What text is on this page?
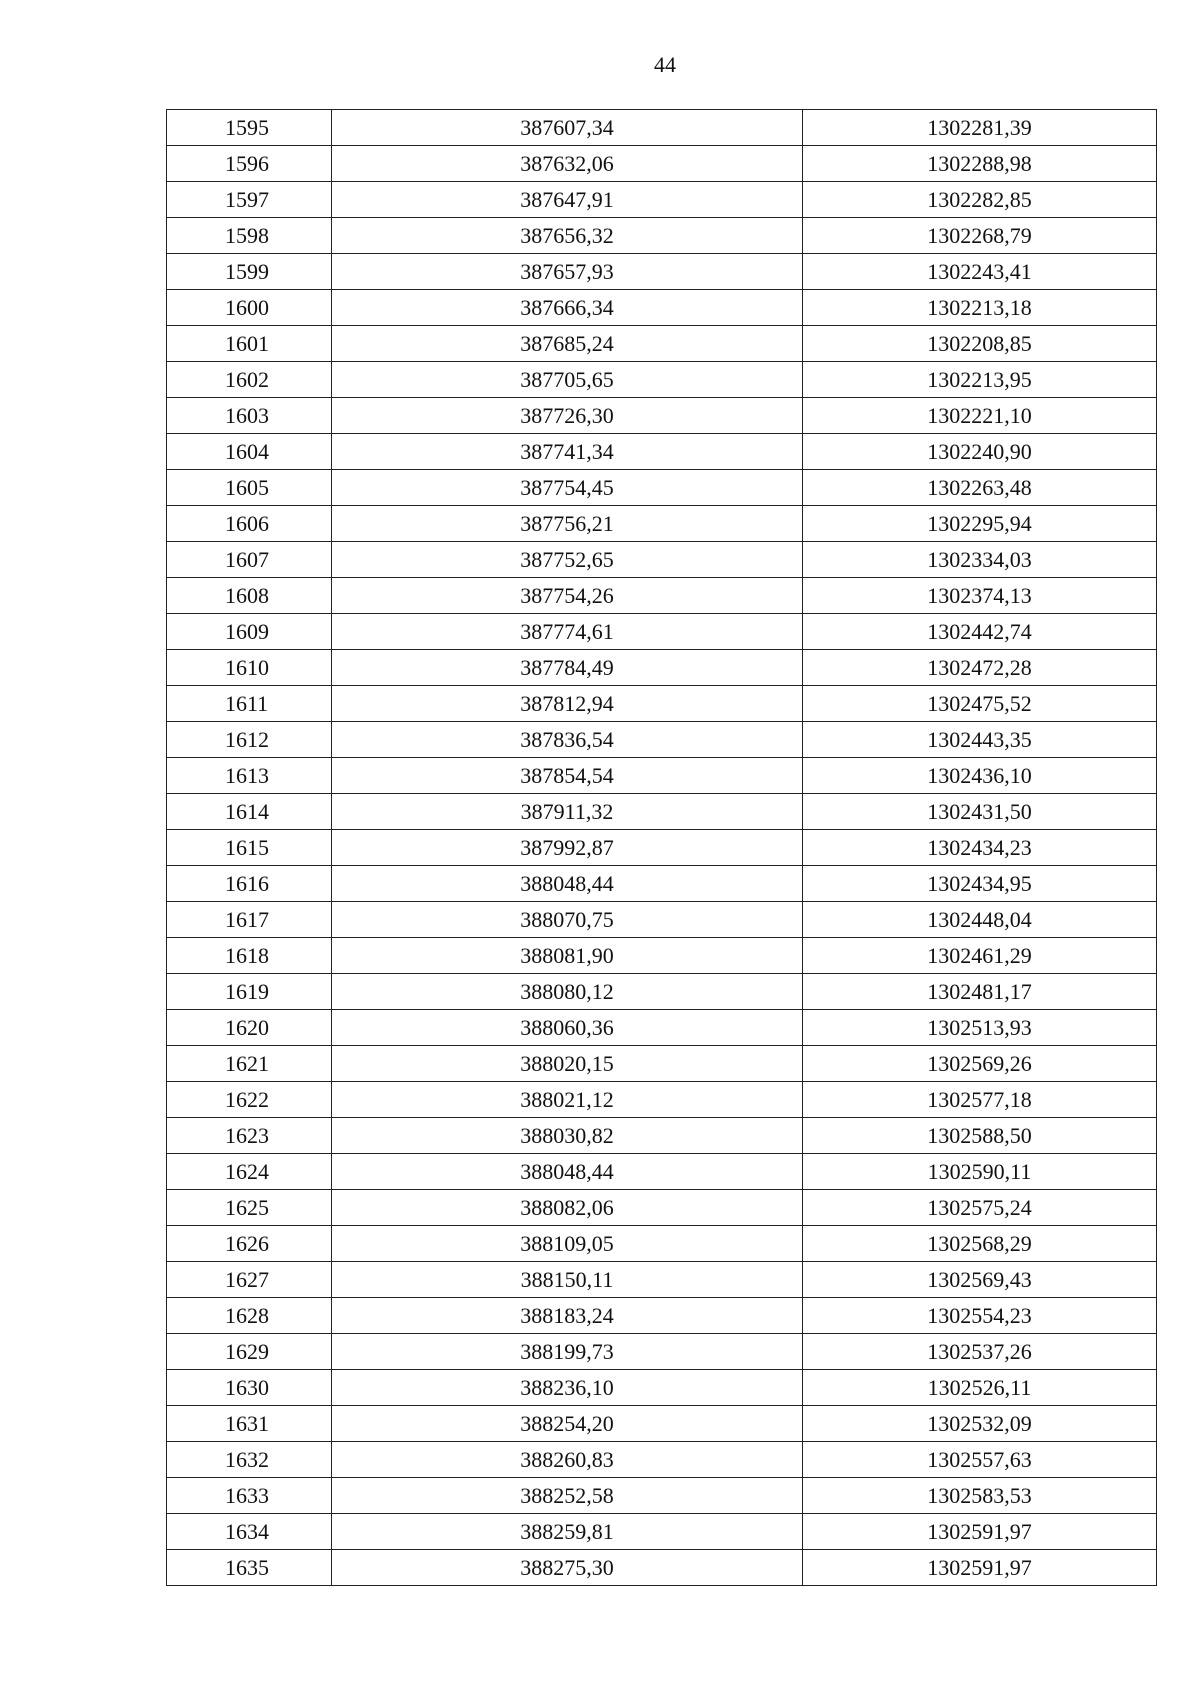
44
1595	387607,34	1302281,39
1596	387632,06	1302288,98
1597	387647,91	1302282,85
1598	387656,32	1302268,79
1599	387657,93	1302243,41
1600	387666,34	1302213,18
1601	387685,24	1302208,85
1602	387705,65	1302213,95
1603	387726,30	1302221,10
1604	387741,34	1302240,90
1605	387754,45	1302263,48
1606	387756,21	1302295,94
1607	387752,65	1302334,03
1608	387754,26	1302374,13
1609	387774,61	1302442,74
1610	387784,49	1302472,28
1611	387812,94	1302475,52
1612	387836,54	1302443,35
1613	387854,54	1302436,10
1614	387911,32	1302431,50
1615	387992,87	1302434,23
1616	388048,44	1302434,95
1617	388070,75	1302448,04
1618	388081,90	1302461,29
1619	388080,12	1302481,17
1620	388060,36	1302513,93
1621	388020,15	1302569,26
1622	388021,12	1302577,18
1623	388030,82	1302588,50
1624	388048,44	1302590,11
1625	388082,06	1302575,24
1626	388109,05	1302568,29
1627	388150,11	1302569,43
1628	388183,24	1302554,23
1629	388199,73	1302537,26
1630	388236,10	1302526,11
1631	388254,20	1302532,09
1632	388260,83	1302557,63
1633	388252,58	1302583,53
1634	388259,81	1302591,97
1635	388275,30	1302591,97
